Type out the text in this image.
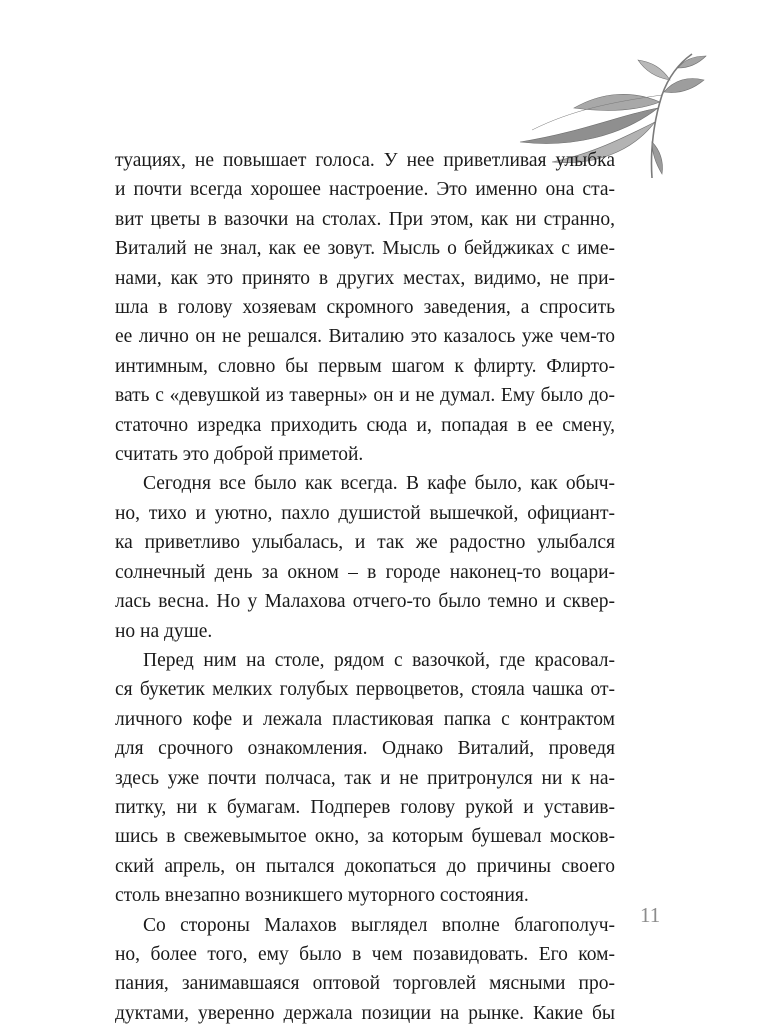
туациях, не повышает голоса. У нее приветливая улыбка
и почти всегда хорошее настроение. Это именно она ста-
вит цветы в вазочки на столах. При этом, как ни странно,
Виталий не знал, как ее зовут. Мысль о бейджиках с име-
нами, как это принято в других местах, видимо, не при-
шла в голову хозяевам скромного заведения, а спросить
ее лично он не решался. Виталию это казалось уже чем-то
интимным, словно бы первым шагом к флирту. Флирто-
вать с «девушкой из таверны» он и не думал. Ему было до-
статочно изредка приходить сюда и, попадая в ее смену,
считать это доброй приметой.

Сегодня все было как всегда. В кафе было, как обыч-
но, тихо и уютно, пахло душистой вышечкой, официант-
ка приветливо улыбалась, и так же радостно улыбался
солнечный день за окном – в городе наконец-то воцари-
лась весна. Но у Малахова отчего-то было темно и сквер-
но на душе.

Перед ним на столе, рядом с вазочкой, где красовал-
ся букетик мелких голубых первоцветов, стояла чашка от-
личного кофе и лежала пластиковая папка с контрактом
для срочного ознакомления. Однако Виталий, проведя
здесь уже почти полчаса, так и не притронулся ни к на-
питку, ни к бумагам. Подперев голову рукой и уставив-
шись в свежевымытое окно, за которым бушевал москов-
ский апрель, он пытался докопаться до причины своего
столь внезапно возникшего муторного состояния.

Со стороны Малахов выглядел вполне благополуч-
но, более того, ему было в чем позавидовать. Его ком-
пания, занимавшаяся оптовой торговлей мясными про-
дуктами, уверенно держала позиции на рынке. Какие бы

11
